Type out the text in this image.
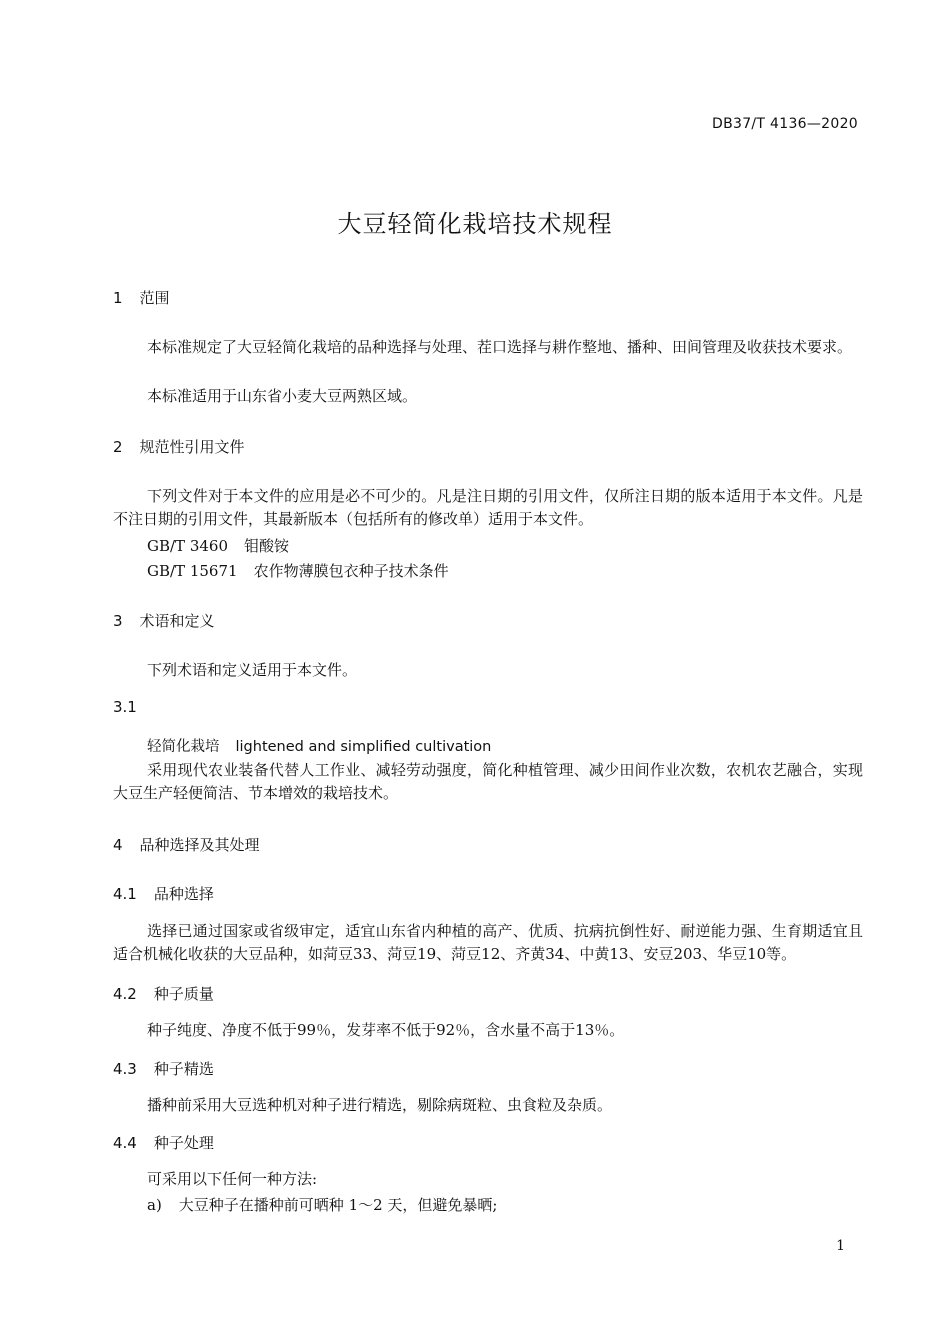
DB37/T 4136—2020
大豆轻简化栽培技术规程
1 范围
本标准规定了大豆轻简化栽培的品种选择与处理、茬口选择与耕作整地、播种、田间管理及收获技术要求。
本标准适用于山东省小麦大豆两熟区域。
2 规范性引用文件
下列文件对于本文件的应用是必不可少的。凡是注日期的引用文件，仅所注日期的版本适用于本文件。凡是不注日期的引用文件，其最新版本（包括所有的修改单）适用于本文件。
GB/T 3460 钼酸铵
GB/T 15671 农作物薄膜包衣种子技术条件
3 术语和定义
下列术语和定义适用于本文件。
3.1
轻简化栽培 lightened and simplified cultivation
采用现代农业装备代替人工作业、减轻劳动强度，简化种植管理、减少田间作业次数，农机农艺融合，实现大豆生产轻便简洁、节本增效的栽培技术。
4 品种选择及其处理
4.1 品种选择
选择已通过国家或省级审定，适宜山东省内种植的高产、优质、抗病抗倒性好、耐逆能力强、生育期适宜且适合机械化收获的大豆品种，如菏豆33、菏豆19、菏豆12、齐黄34、中黄13、安豆203、华豆10等。
4.2 种子质量
种子纯度、净度不低于99％，发芽率不低于92％，含水量不高于13％。
4.3 种子精选
播种前采用大豆选种机对种子进行精选，剔除病斑粒、虫食粒及杂质。
4.4 种子处理
可采用以下任何一种方法:
a) 大豆种子在播种前可晒种 1～2 天，但避免暴晒;
1
